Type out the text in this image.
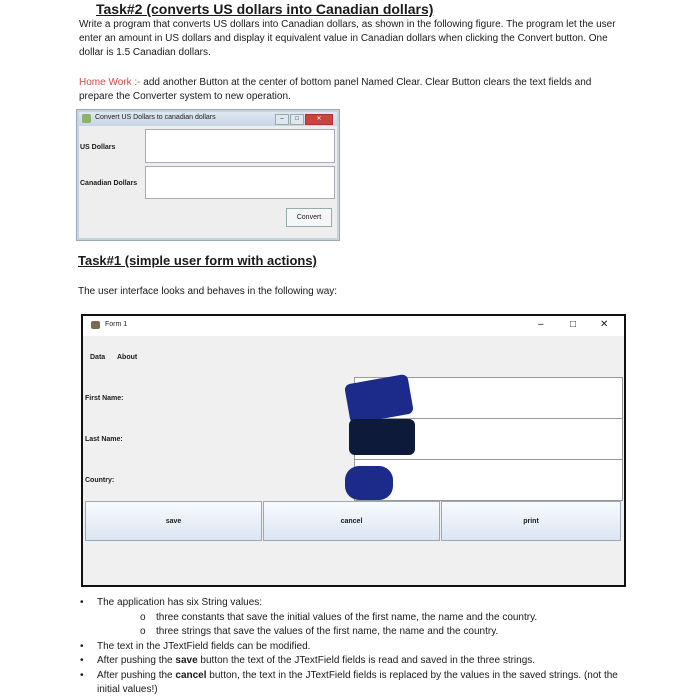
Task#2 (converts US dollars into Canadian dollars)
Write a program that converts US dollars into Canadian dollars, as shown in the following figure. The program let the user enter an amount in US dollars and display it equivalent value in Canadian dollars when clicking the Convert button. One dollar is 1.5 Canadian dollars.
Home Work :- add another Button at the center of bottom panel Named Clear. Clear Button clears the text fields and prepare the Converter system to new operation.
Convert US Dollars to canadian dollars	–	□	✕
US Dollars
Canadian Dollars
Convert
Task#1 (simple user form with actions)
The user interface looks and behaves in the following way:
Form 1	–	□ ✕
Data About
First Name:
Last Name:
Country:
save	cancel	print
• The application has six String values:
o three constants that save the initial values of the first name, the name and the country.
o three strings that save the values of the first name, the name and the country.
• The text in the JTextField fields can be modified.
• After pushing the save button the text of the JTextField fields is read and saved in the three strings.
• After pushing the cancel button, the text in the JTextField fields is replaced by the values in the saved strings. (not the initial values!)
